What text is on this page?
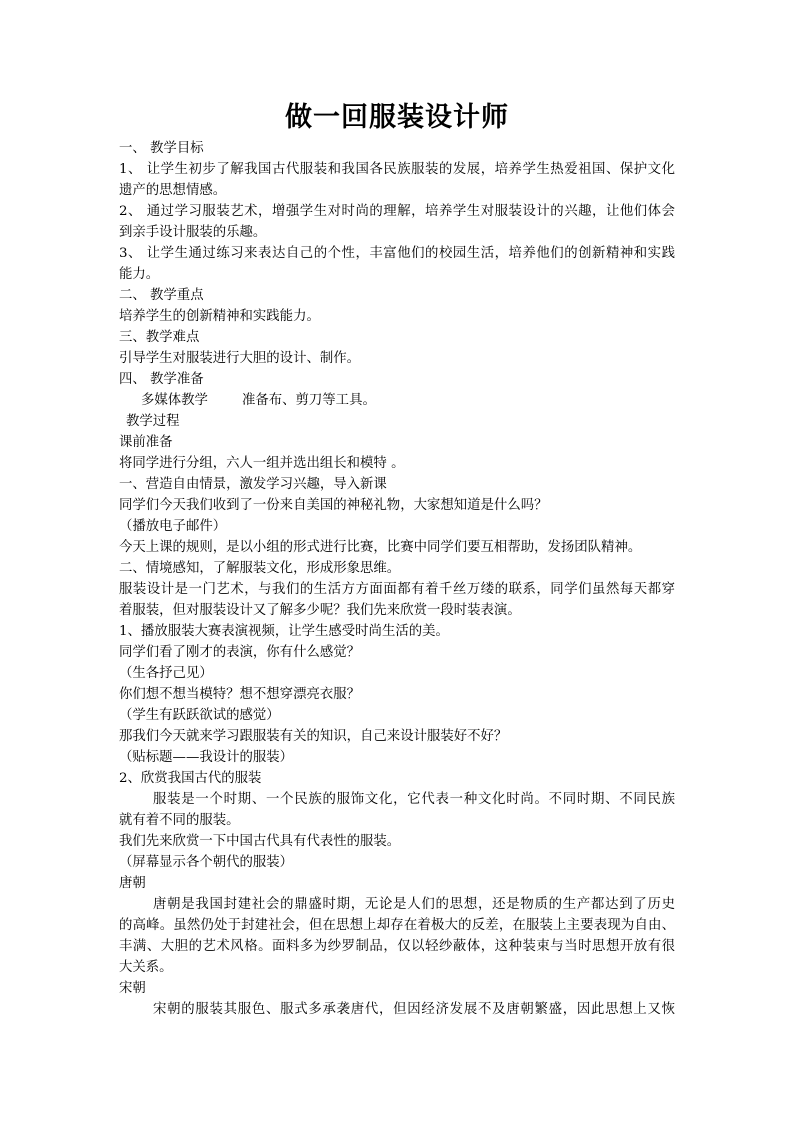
做一回服装设计师
一、 教学目标
1、 让学生初步了解我国古代服装和我国各民族服装的发展，培养学生热爱祖国、保护文化
遗产的思想情感。
2、 通过学习服装艺术，增强学生对时尚的理解，培养学生对服装设计的兴趣，让他们体会
到亲手设计服装的乐趣。
3、 让学生通过练习来表达自己的个性，丰富他们的校园生活，培养他们的创新精神和实践
能力。
二、 教学重点
培养学生的创新精神和实践能力。
三、教学难点
引导学生对服装进行大胆的设计、制作。
四、 教学准备
多媒体教学	准备布、剪刀等工具。
教学过程
课前准备
将同学进行分组，六人一组并选出组长和模特 。
一、营造自由情景，激发学习兴趣，导入新课
同学们今天我们收到了一份来自美国的神秘礼物，大家想知道是什么吗？
（播放电子邮件）
今天上课的规则，是以小组的形式进行比赛，比赛中同学们要互相帮助，发扬团队精神。
二、情境感知，了解服装文化，形成形象思维。
服装设计是一门艺术，与我们的生活方方面面都有着千丝万缕的联系，同学们虽然每天都穿
着服装，但对服装设计又了解多少呢？我们先来欣赏一段时装表演。
1、播放服装大赛表演视频，让学生感受时尚生活的美。
同学们看了刚才的表演，你有什么感觉？
（生各抒己见）
你们想不想当模特？想不想穿漂亮衣服？
（学生有跃跃欲试的感觉）
那我们今天就来学习跟服装有关的知识，自己来设计服装好不好？
（贴标题——我设计的服装）
2、欣赏我国古代的服装
服装是一个时期、一个民族的服饰文化，它代表一种文化时尚。不同时期、不同民族
就有着不同的服装。
我们先来欣赏一下中国古代具有代表性的服装。
（屏幕显示各个朝代的服装）
唐朝
唐朝是我国封建社会的鼎盛时期，无论是人们的思想，还是物质的生产都达到了历史
的高峰。虽然仍处于封建社会，但在思想上却存在着极大的反差，在服装上主要表现为自由、
丰满、大胆的艺术风格。面料多为纱罗制品，仅以轻纱蔽体，这种装束与当时思想开放有很
大关系。
宋朝
宋朝的服装其服色、服式多承袭唐代，但因经济发展不及唐朝繁盛，因此思想上又恢
